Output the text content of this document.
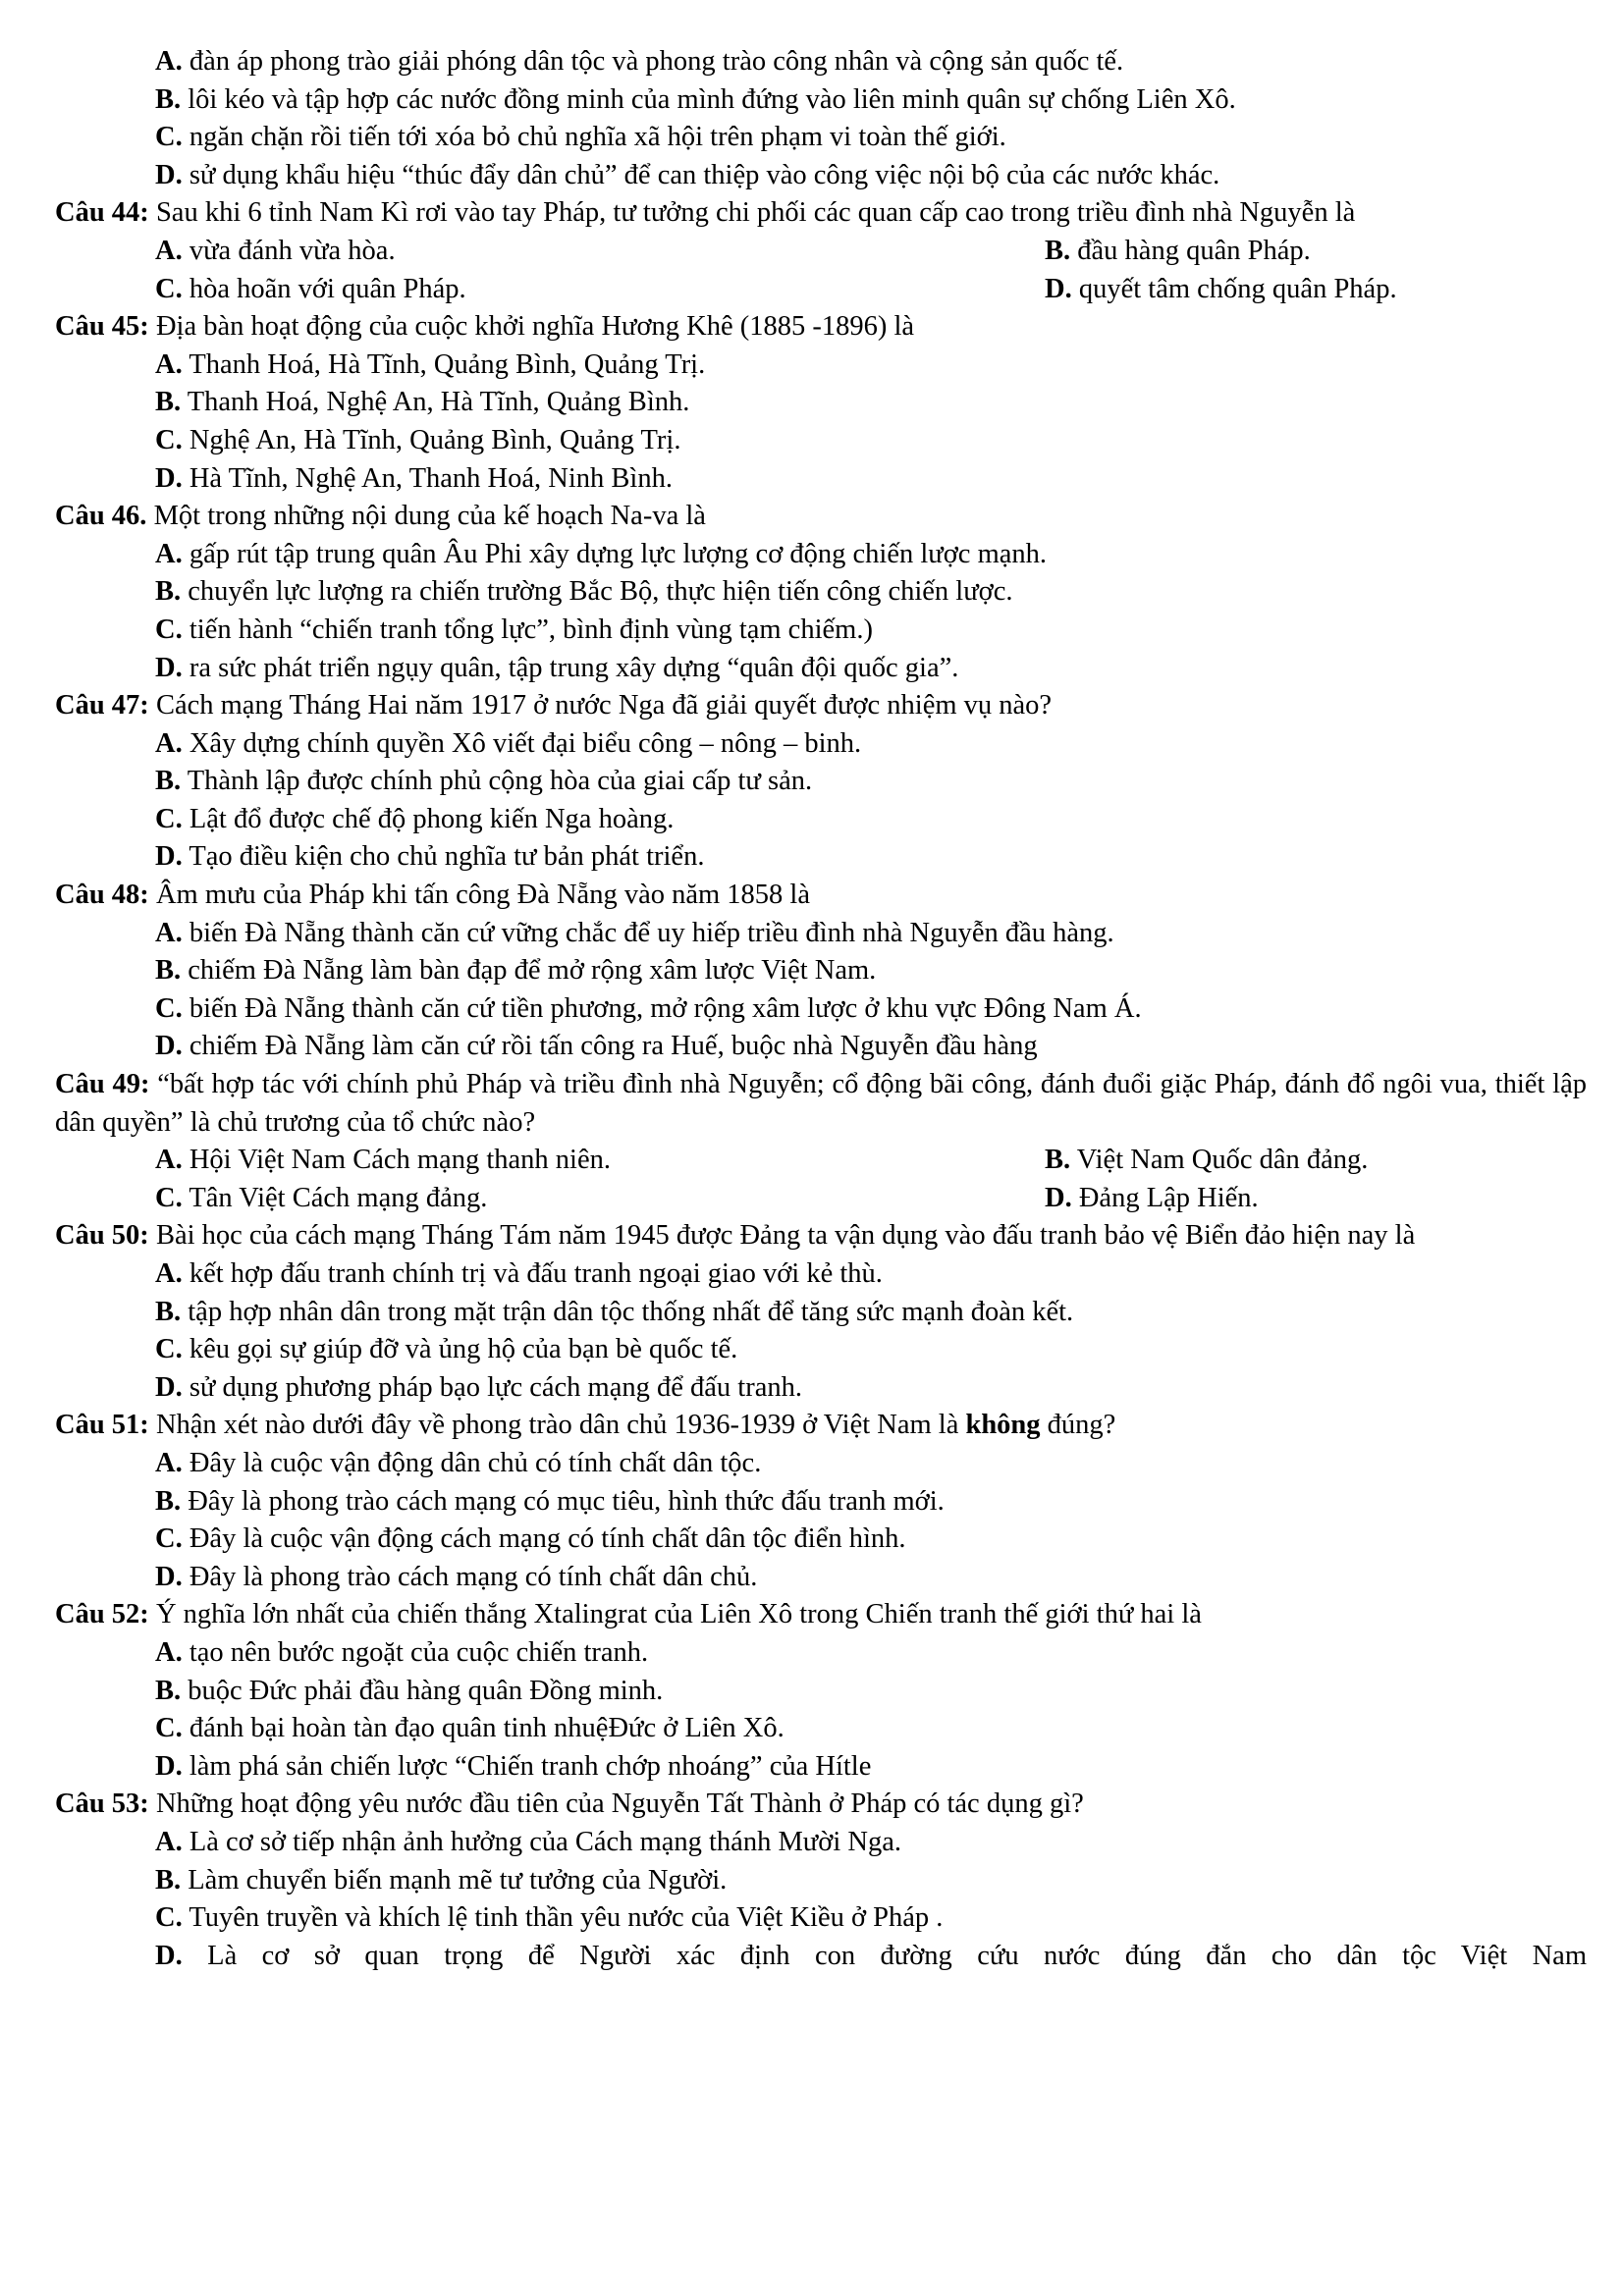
A. đàn áp phong trào giải phóng dân tộc và phong trào công nhân và cộng sản quốc tế.
B. lôi kéo và tập hợp các nước đồng minh của mình đứng vào liên minh quân sự chống Liên Xô.
C. ngăn chặn rồi tiến tới xóa bỏ chủ nghĩa xã hội trên phạm vi toàn thế giới.
D. sử dụng khẩu hiệu “thúc đẩy dân chủ” để can thiệp vào công việc nội bộ của các nước khác.

Câu 44: Sau khi 6 tỉnh Nam Kì rơi vào tay Pháp, tư tưởng chi phối các quan cấp cao trong triều đình nhà Nguyễn là

A. vừa đánh vừa hòa.	B. đầu hàng quân Pháp.
C. hòa hoãn với quân Pháp.	D. quyết tâm chống quân Pháp.

Câu 45: Địa bàn hoạt động của cuộc khởi nghĩa Hương Khê (1885 -1896) là

A. Thanh Hoá, Hà Tĩnh, Quảng Bình, Quảng Trị.
B. Thanh Hoá, Nghệ An, Hà Tĩnh, Quảng Bình.
C. Nghệ An, Hà Tĩnh, Quảng Bình, Quảng Trị.
D. Hà Tĩnh, Nghệ An, Thanh Hoá, Ninh Bình.

Câu 46. Một trong những nội dung của kế hoạch Na-va là

A. gấp rút tập trung quân Âu Phi xây dựng lực lượng cơ động chiến lược mạnh.
B. chuyển lực lượng ra chiến trường Bắc Bộ, thực hiện tiến công chiến lược.
C. tiến hành “chiến tranh tổng lực”, bình định vùng tạm chiếm.)
D. ra sức phát triển ngụy quân, tập trung xây dựng “quân đội quốc gia”.

Câu 47: Cách mạng Tháng Hai năm 1917 ở nước Nga đã giải quyết được nhiệm vụ nào?

A. Xây dựng chính quyền Xô viết đại biểu công – nông – binh.
B. Thành lập được chính phủ cộng hòa của giai cấp tư sản.
C. Lật đổ được chế độ phong kiến Nga hoàng.
D. Tạo điều kiện cho chủ nghĩa tư bản phát triển.

Câu 48: Âm mưu của Pháp khi tấn công Đà Nẵng vào năm 1858 là

A. biến Đà Nẵng thành căn cứ vững chắc để uy hiếp triều đình nhà Nguyễn đầu hàng.
B. chiếm Đà Nẵng làm bàn đạp để mở rộng xâm lược Việt Nam.
C. biến Đà Nẵng thành căn cứ tiền phương, mở rộng xâm lược ở khu vực Đông Nam Á.
D. chiếm Đà Nẵng làm căn cứ rồi tấn công ra Huế, buộc nhà Nguyễn đầu hàng

Câu 49: “bất hợp tác với chính phủ Pháp và triều đình nhà Nguyễn; cổ động bãi công, đánh đuổi giặc Pháp, đánh đổ ngôi vua, thiết lập dân quyền” là chủ trương của tổ chức nào?

A. Hội Việt Nam Cách mạng thanh niên.	B. Việt Nam Quốc dân đảng.
C. Tân Việt Cách mạng đảng.	D. Đảng Lập Hiến.

Câu 50: Bài học của cách mạng Tháng Tám năm 1945 được Đảng ta vận dụng vào đấu tranh bảo vệ Biển đảo hiện nay là

A. kết hợp đấu tranh chính trị và đấu tranh ngoại giao với kẻ thù.
B. tập hợp nhân dân trong mặt trận dân tộc thống nhất để tăng sức mạnh đoàn kết.
C. kêu gọi sự giúp đỡ và ủng hộ của bạn bè quốc tế.
D. sử dụng phương pháp bạo lực cách mạng để đấu tranh.

Câu 51: Nhận xét nào dưới đây về phong trào dân chủ 1936-1939 ở Việt Nam là không đúng?

A. Đây là cuộc vận động dân chủ có tính chất dân tộc.
B. Đây là phong trào cách mạng có mục tiêu, hình thức đấu tranh mới.
C. Đây là cuộc vận động cách mạng có tính chất dân tộc điển hình.
D. Đây là phong trào cách mạng có tính chất dân chủ.

Câu 52: Ý nghĩa lớn nhất của chiến thắng Xtalingrat của Liên Xô trong Chiến tranh thế giới thứ hai là

A. tạo nên bước ngoặt của cuộc chiến tranh.
B. buộc Đức phải đầu hàng quân Đồng minh.
C. đánh bại hoàn tàn đạo quân tinh nhuệĐức ở Liên Xô.
D. làm phá sản chiến lược “Chiến tranh chớp nhoáng” của Hítle

Câu 53: Những hoạt động yêu nước đầu tiên của Nguyễn Tất Thành ở Pháp có tác dụng gì?

A. Là cơ sở tiếp nhận ảnh hưởng của Cách mạng thánh Mười Nga.
B. Làm chuyển biến mạnh mẽ tư tưởng của Người.
C. Tuyên truyền và khích lệ tinh thần yêu nước của Việt Kiều ở Pháp .
D. Là cơ sở quan trọng để Người xác định con đường cứu nước đúng đắn cho dân tộc Việt Nam
